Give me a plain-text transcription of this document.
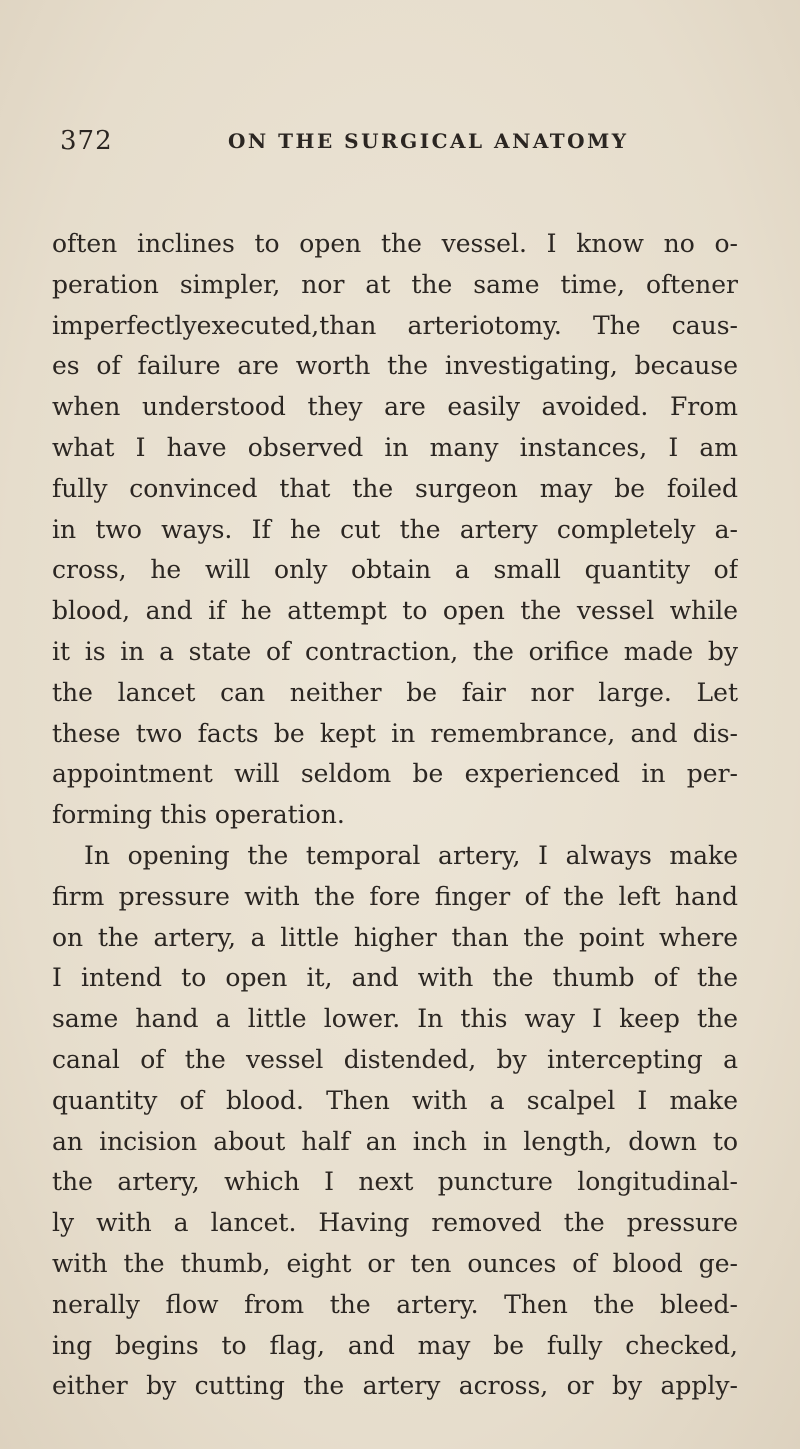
372	ON THE SURGICAL ANATOMY
often inclines to open the vessel. I know no o-
peration simpler, nor at the same time, oftener
imperfectlyexecuted,than arteriotomy. The caus-
es of failure are worth the investigating, because
when understood they are easily avoided. From
what I have observed in many instances, I am
fully convinced that the surgeon may be foiled
in two ways. If he cut the artery completely a-
cross, he will only obtain a small quantity of
blood, and if he attempt to open the vessel while
it is in a state of contraction, the orifice made by
the lancet can neither be fair nor large. Let
these two facts be kept in remembrance, and dis-
appointment will seldom be experienced in per-
forming this operation.
In opening the temporal artery, I always make
firm pressure with the fore finger of the left hand
on the artery, a little higher than the point where
I intend to open it, and with the thumb of the
same hand a little lower. In this way I keep the
canal of the vessel distended, by intercepting a
quantity of blood. Then with a scalpel I make
an incision about half an inch in length, down to
the artery, which I next puncture longitudinal-
ly with a lancet. Having removed the pressure
with the thumb, eight or ten ounces of blood ge-
nerally flow from the artery. Then the bleed-
ing begins to flag, and may be fully checked,
either by cutting the artery across, or by apply-
